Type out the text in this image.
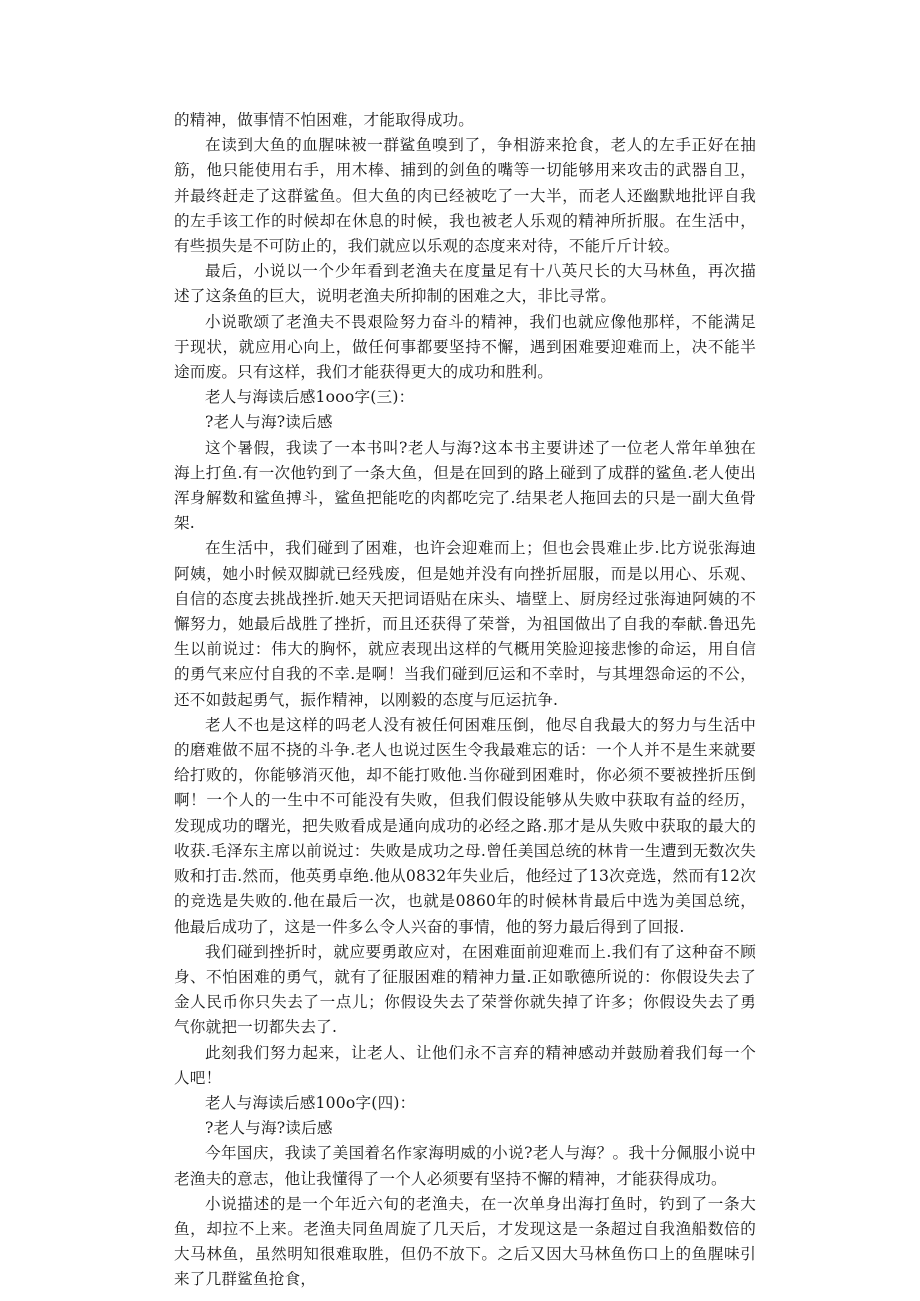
的精神，做事情不怕困难，才能取得成功。

在读到大鱼的血腥味被一群鲨鱼嗅到了，争相游来抢食，老人的左手正好在抽筋，他只能使用右手，用木棒、捕到的剑鱼的嘴等一切能够用来攻击的武器自卫，并最终赶走了这群鲨鱼。但大鱼的肉已经被吃了一大半，而老人还幽默地批评自我的左手该工作的时候却在休息的时候，我也被老人乐观的精神所折服。在生活中，有些损失是不可防止的，我们就应以乐观的态度来对待，不能斤斤计较。

最后，小说以一个少年看到老渔夫在度量足有十八英尺长的大马林鱼，再次描述了这条鱼的巨大，说明老渔夫所抑制的困难之大，非比寻常。

小说歌颂了老渔夫不畏艰险努力奋斗的精神，我们也就应像他那样，不能满足于现状，就应用心向上，做任何事都要坚持不懈，遇到困难要迎难而上，决不能半途而废。只有这样，我们才能获得更大的成功和胜利。

老人与海读后感1ooo字(三)：

?老人与海?读后感

这个暑假，我读了一本书叫?老人与海?这本书主要讲述了一位老人常年单独在海上打鱼.有一次他钓到了一条大鱼，但是在回到的路上碰到了成群的鲨鱼.老人使出浑身解数和鲨鱼搏斗，鲨鱼把能吃的肉都吃完了.结果老人拖回去的只是一副大鱼骨架.

在生活中，我们碰到了困难，也许会迎难而上；但也会畏难止步.比方说张海迪阿姨，她小时候双脚就已经残废，但是她并没有向挫折屈服，而是以用心、乐观、自信的态度去挑战挫折.她天天把词语贴在床头、墙壁上、厨房经过张海迪阿姨的不懈努力，她最后战胜了挫折，而且还获得了荣誉，为祖国做出了自我的奉献.鲁迅先生以前说过：伟大的胸怀，就应表现出这样的气概用笑脸迎接悲惨的命运，用自信的勇气来应付自我的不幸.是啊！当我们碰到厄运和不幸时，与其埋怨命运的不公，还不如鼓起勇气，振作精神，以刚毅的态度与厄运抗争.

老人不也是这样的吗老人没有被任何困难压倒，他尽自我最大的努力与生活中的磨难做不屈不挠的斗争.老人也说过医生令我最难忘的话：一个人并不是生来就要给打败的，你能够消灭他，却不能打败他.当你碰到困难时，你必须不要被挫折压倒啊！一个人的一生中不可能没有失败，但我们假设能够从失败中获取有益的经历，发现成功的曙光，把失败看成是通向成功的必经之路.那才是从失败中获取的最大的收获.毛泽东主席以前说过：失败是成功之母.曾任美国总统的林肯一生遭到无数次失败和打击.然而，他英勇卓绝.他从0832年失业后，他经过了13次竞选，然而有12次的竞选是失败的.他在最后一次，也就是0860年的时候林肯最后中选为美国总统，他最后成功了，这是一件多么令人兴奋的事情，他的努力最后得到了回报.

我们碰到挫折时，就应要勇敢应对，在困难面前迎难而上.我们有了这种奋不顾身、不怕困难的勇气，就有了征服困难的精神力量.正如歌德所说的：你假设失去了金人民币你只失去了一点儿；你假设失去了荣誉你就失掉了许多；你假设失去了勇气你就把一切都失去了.

此刻我们努力起来，让老人、让他们永不言弃的精神感动并鼓励着我们每一个人吧！

老人与海读后感100o字(四)：

?老人与海?读后感

今年国庆，我读了美国着名作家海明威的小说?老人与海？。我十分佩服小说中老渔夫的意志，他让我懂得了一个人必须要有坚持不懈的精神，才能获得成功。

小说描述的是一个年近六旬的老渔夫，在一次单身出海打鱼时，钓到了一条大鱼，却拉不上来。老渔夫同鱼周旋了几天后，才发现这是一条超过自我渔船数倍的大马林鱼，虽然明知很难取胜，但仍不放下。之后又因大马林鱼伤口上的鱼腥味引来了几群鲨鱼抢食，
